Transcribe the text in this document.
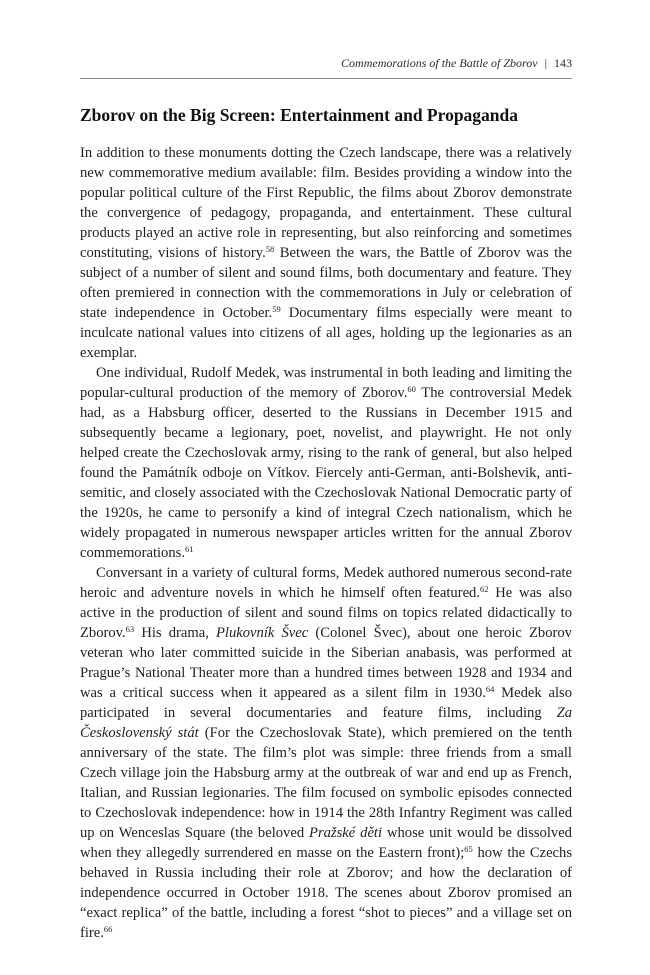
Commemorations of the Battle of Zborov | 143
Zborov on the Big Screen: Entertainment and Propaganda

In addition to these monuments dotting the Czech landscape, there was a relatively new commemorative medium available: film. Besides providing a window into the popular political culture of the First Republic, the films about Zborov demonstrate the convergence of pedagogy, propaganda, and entertainment. These cultural products played an active role in representing, but also reinforcing and sometimes constituting, visions of history.$^{58}$ Between the wars, the Battle of Zborov was the subject of a number of silent and sound films, both documentary and feature. They often premiered in connection with the commemorations in July or celebration of state independence in October.$^{59}$ Documentary films especially were meant to inculcate national values into citizens of all ages, holding up the legionaries as an exemplar.

One individual, Rudolf Medek, was instrumental in both leading and limiting the popular-cultural production of the memory of Zborov.$^{60}$ The controversial Medek had, as a Habsburg officer, deserted to the Russians in December 1915 and subsequently became a legionary, poet, novelist, and playwright. He not only helped create the Czechoslovak army, rising to the rank of general, but also helped found the Památník odboje on Vítkov. Fiercely anti-German, anti-Bolshevik, anti-semitic, and closely associated with the Czechoslovak National Democratic party of the 1920s, he came to personify a kind of integral Czech nationalism, which he widely propagated in numerous newspaper articles written for the annual Zborov commemorations.$^{61}$

Conversant in a variety of cultural forms, Medek authored numerous second-rate heroic and adventure novels in which he himself often featured.$^{62}$ He was also active in the production of silent and sound films on topics related didactically to Zborov.$^{63}$ His drama, Plukovník Švec (Colonel Švec), about one heroic Zborov veteran who later committed suicide in the Siberian anabasis, was performed at Prague’s National Theater more than a hundred times between 1928 and 1934 and was a critical success when it appeared as a silent film in 1930.64 Medek also participated in several documentaries and feature films, including Za Československý stát (For the Czechoslovak State), which premiered on the tenth anniversary of the state. The film’s plot was simple: three friends from a small Czech village join the Habsburg army at the outbreak of war and end up as French, Italian, and Russian legionaries. The film focused on symbolic episodes connected to Czechoslovak independence: how in 1914 the 28th Infantry Regiment was called up on Wenceslas Square (the beloved Pražské děti whose unit would be dissolved when they allegedly surrendered en masse on the Eastern front);$^{65}$ how the Czechs behaved in Russia including their role at Zborov; and how the declaration of independence occurred in October 1918. The scenes about Zborov promised an “exact replica” of the battle, including a forest “shot to pieces” and a village set on fire.$^{66}$
